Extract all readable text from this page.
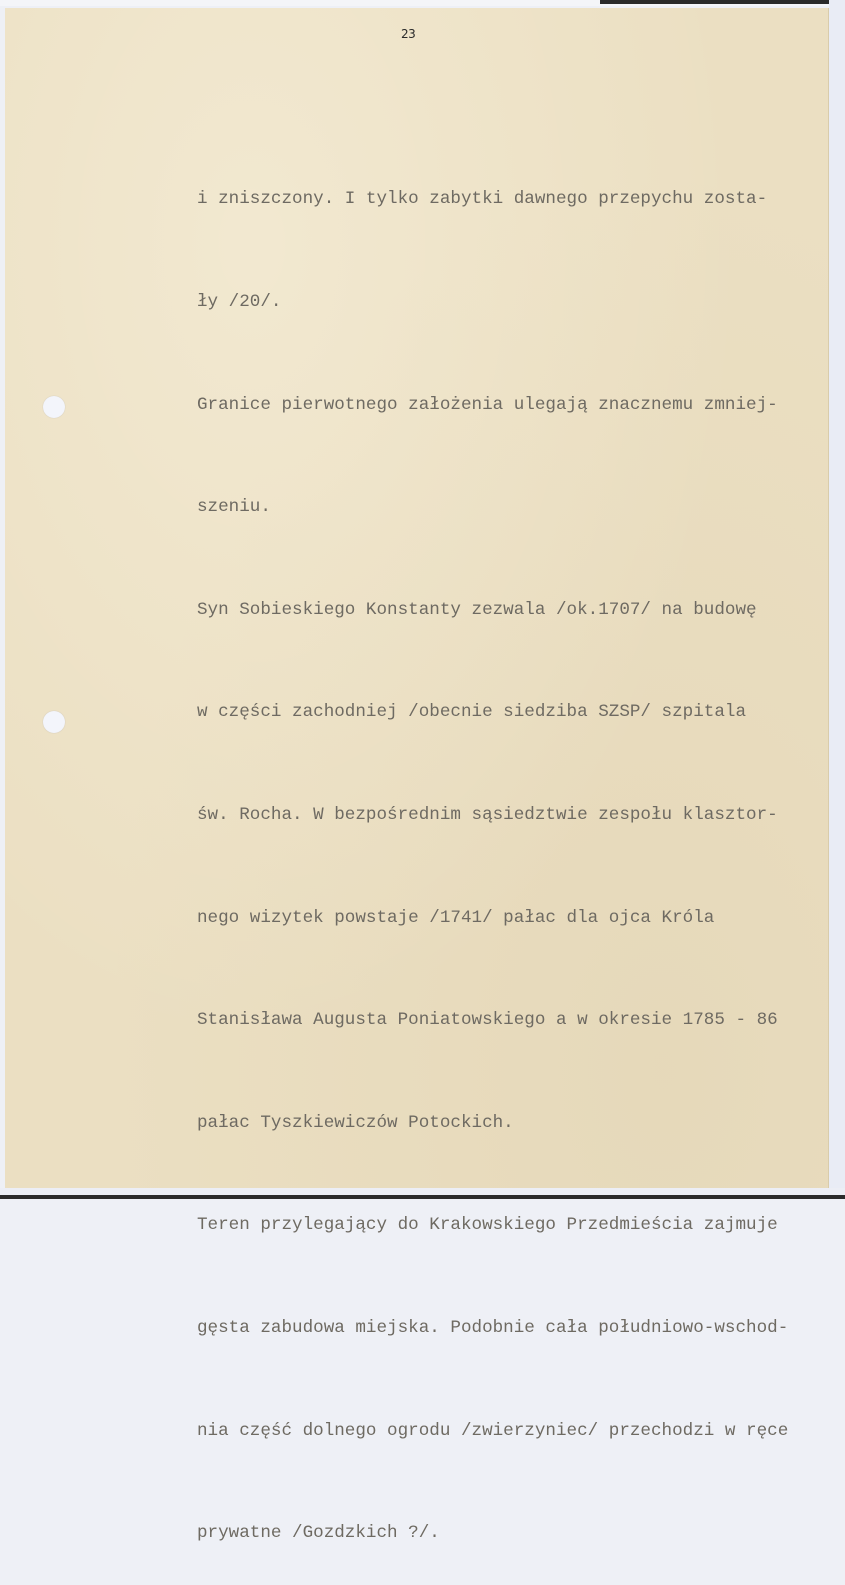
23

i zniszczony. I tylko zabytki dawnego przepychu zosta-

ły /20/.

Granice pierwotnego założenia ulegają znacznemu zmniej-

szeniu.

Syn Sobieskiego Konstanty zezwala /ok.1707/ na budowę

w części zachodniej /obecnie siedziba SZSP/ szpitala

św. Rocha. W bezpośrednim sąsiedztwie zespołu klasztor-

nego wizytek powstaje /1741/ pałac dla ojca Króla

Stanisława Augusta Poniatowskiego a w okresie 1785 - 86

pałac Tyszkiewiczów Potockich.

Teren przylegający do Krakowskiego Przedmieścia zajmuje

gęsta zabudowa miejska. Podobnie cała południowo-wschod-

nia część dolnego ogrodu /zwierzyniec/ przechodzi w ręce

prywatne /Gozdzkich ?/.
